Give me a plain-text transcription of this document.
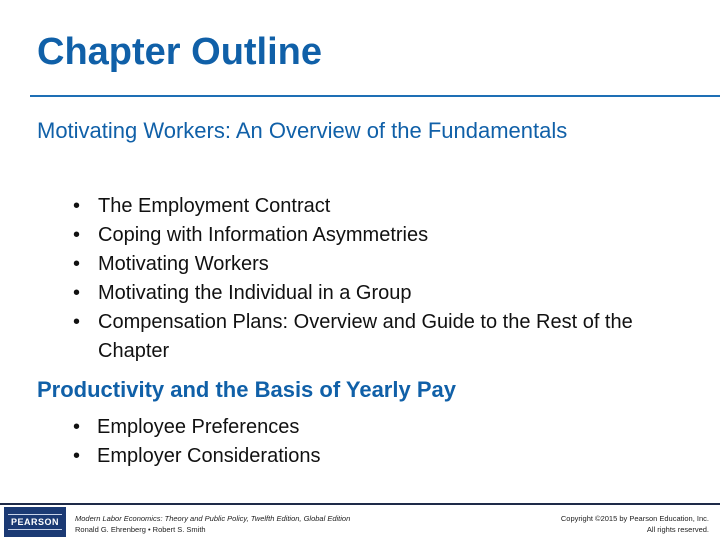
Chapter Outline
Motivating Workers: An Overview of the Fundamentals
• The Employment Contract
• Coping with Information Asymmetries
• Motivating Workers
• Motivating the Individual in a Group
• Compensation Plans: Overview and Guide to the Rest of the Chapter
Productivity and the Basis of Yearly Pay
• Employee Preferences
• Employer Considerations
PEARSON	Modern Labor Economics: Theory and Public Policy, Twelfth Edition, Global Edition
Ronald G. Ehrenberg • Robert S. Smith
Copyright ©2015 by Pearson Education, Inc.
All rights reserved.
